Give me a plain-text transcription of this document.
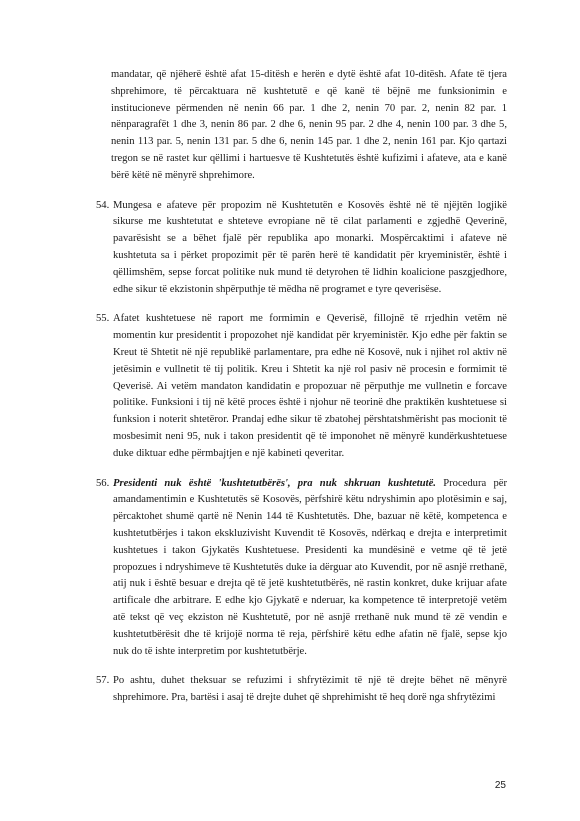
mandatar, që njëherë është afat 15-ditësh e herën e dytë është afat 10-ditësh. Afate të tjera shprehimore, të përcaktuara në kushtetutë e që kanë të bëjnë me funksionimin e institucioneve përmenden në nenin 66 par. 1 dhe 2, nenin 70 par. 2, nenin 82 par. 1 nënparagrafët 1 dhe 3, nenin 86 par. 2 dhe 6, nenin 95 par. 2 dhe 4, nenin 100 par. 3 dhe 5, nenin 113 par. 5, nenin 131 par. 5 dhe 6, nenin 145 par. 1 dhe 2, nenin 161 par. Kjo qartazi tregon se në rastet kur qëllimi i hartuesve të Kushtetutës është kufizimi i afateve, ata e kanë bërë këtë në mënyrë shprehimore.

54. Mungesa e afateve për propozim në Kushtetutën e Kosovës është në të njëjtën logjikë sikurse me kushtetutat e shteteve evropiane në të cilat parlamenti e zgjedhë Qeverinë, pavarësisht se a bëhet fjalë për republika apo monarki. Mospërcaktimi i afateve në kushtetuta sa i përket propozimit për të parën herë të kandidatit për kryeministër, është i qëllimshëm, sepse forcat politike nuk mund të detyrohen të lidhin koalicione paszgjedhore, edhe sikur të ekzistonin shpërputhje të mëdha në programet e tyre qeverisëse.

55. Afatet kushtetuese në raport me formimin e Qeverisë, fillojnë të rrjedhin vetëm në momentin kur presidentit i propozohet një kandidat për kryeministër. Kjo edhe për faktin se Kreut të Shtetit në një republikë parlamentare, pra edhe në Kosovë, nuk i njihet rol aktiv në jetësimin e vullnetit të tij politik. Kreu i Shtetit ka një rol pasiv në procesin e formimit të Qeverisë. Ai vetëm mandaton kandidatin e propozuar në përputhje me vullnetin e forcave politike. Funksioni i tij në këtë proces është i njohur në teorinë dhe praktikën kushtetuese si funksion i noterit shtetëror. Prandaj edhe sikur të zbatohej përshtatshmërisht pas mocionit të mosbesimit neni 95, nuk i takon presidentit që të imponohet në mënyrë kundërkushtetuese duke diktuar edhe përmbajtjen e një kabineti qeveritar.

56. Presidenti nuk është 'kushtetutbërës', pra nuk shkruan kushtetutë. Procedura për amandamentimin e Kushtetutës së Kosovës, përfshirë këtu ndryshimin apo plotësimin e saj, përcaktohet shumë qartë në Nenin 144 të Kushtetutës. Dhe, bazuar në këtë, kompetenca e kushtetutbërjes i takon ekskluzivisht Kuvendit të Kosovës, ndërkaq e drejta e interpretimit kushtetues i takon Gjykatës Kushtetuese. Presidenti ka mundësinë e vetme që të jetë propozues i ndryshimeve të Kushtetutës duke ia dërguar ato Kuvendit, por në asnjë rrethanë, atij nuk i është besuar e drejta që të jetë kushtetutbërës, në rastin konkret, duke krijuar afate artificale dhe arbitrare. E edhe kjo Gjykatë e nderuar, ka kompetence të interpretojë vetëm atë tekst që veç ekziston në Kushtetutë, por në asnjë rrethanë nuk mund të zë vendin e kushtetutbërësit dhe të krijojë norma të reja, përfshirë këtu edhe afatin në fjalë, sepse kjo nuk do të ishte interpretim por kushtetutbërje.

57. Po ashtu, duhet theksuar se refuzimi i shfrytëzimit të një të drejte bëhet në mënyrë shprehimore. Pra, bartësi i asaj të drejte duhet që shprehimisht të heq dorë nga shfrytëzimi

25
